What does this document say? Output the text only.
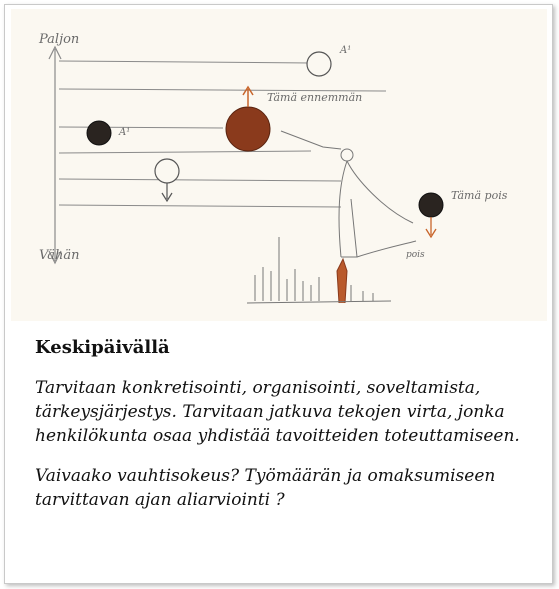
Paljon
Vähän
A¹
A¹
Tämä ennemmän
pois
Tämä pois
Keskipäivällä

Tarvitaan konkretisointi, organisointi, soveltamista, tärkeysjärjestys. Tarvitaan jatkuva tekojen virta, jonka henkilökunta osaa yhdistää tavoitteiden toteuttamiseen.

Vaivaako vauhtisokeus? Työmäärän ja omaksumiseen tarvittavan ajan aliarviointi ?
